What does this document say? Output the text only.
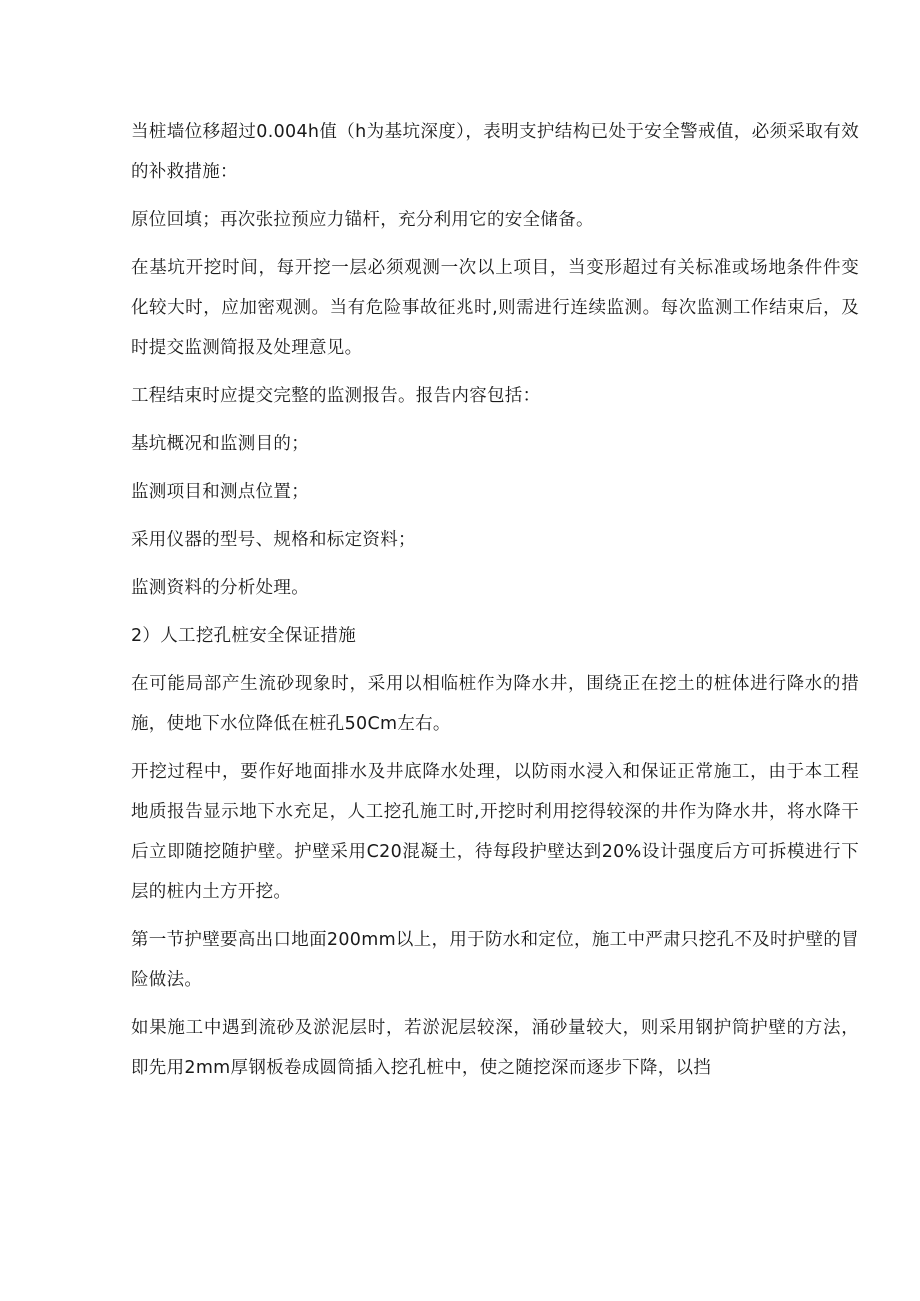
当桩墙位移超过0.004h值（h为基坑深度），表明支护结构已处于安全警戒值，必须采取有效的补救措施：

原位回填；再次张拉预应力锚杆，充分利用它的安全储备。

在基坑开挖时间，每开挖一层必须观测一次以上项目，当变形超过有关标准或场地条件件变化较大时，应加密观测。当有危险事故征兆时,则需进行连续监测。每次监测工作结束后，及时提交监测简报及处理意见。

工程结束时应提交完整的监测报告。报告内容包括：

基坑概况和监测目的；

监测项目和测点位置；

采用仪器的型号、规格和标定资料；

监测资料的分析处理。

2）人工挖孔桩安全保证措施

在可能局部产生流砂现象时，采用以相临桩作为降水井，围绕正在挖土的桩体进行降水的措施，使地下水位降低在桩孔50Cm左右。

开挖过程中，要作好地面排水及井底降水处理，以防雨水浸入和保证正常施工，由于本工程地质报告显示地下水充足，人工挖孔施工时,开挖时利用挖得较深的井作为降水井，将水降干后立即随挖随护壁。护壁采用C20混凝土，待每段护壁达到20%设计强度后方可拆模进行下层的桩内土方开挖。

第一节护壁要高出口地面200mm以上，用于防水和定位，施工中严肃只挖孔不及时护壁的冒险做法。

如果施工中遇到流砂及淤泥层时，若淤泥层较深，涌砂量较大，则采用钢护筒护壁的方法，即先用2mm厚钢板卷成圆筒插入挖孔桩中，使之随挖深而逐步下降，以挡
